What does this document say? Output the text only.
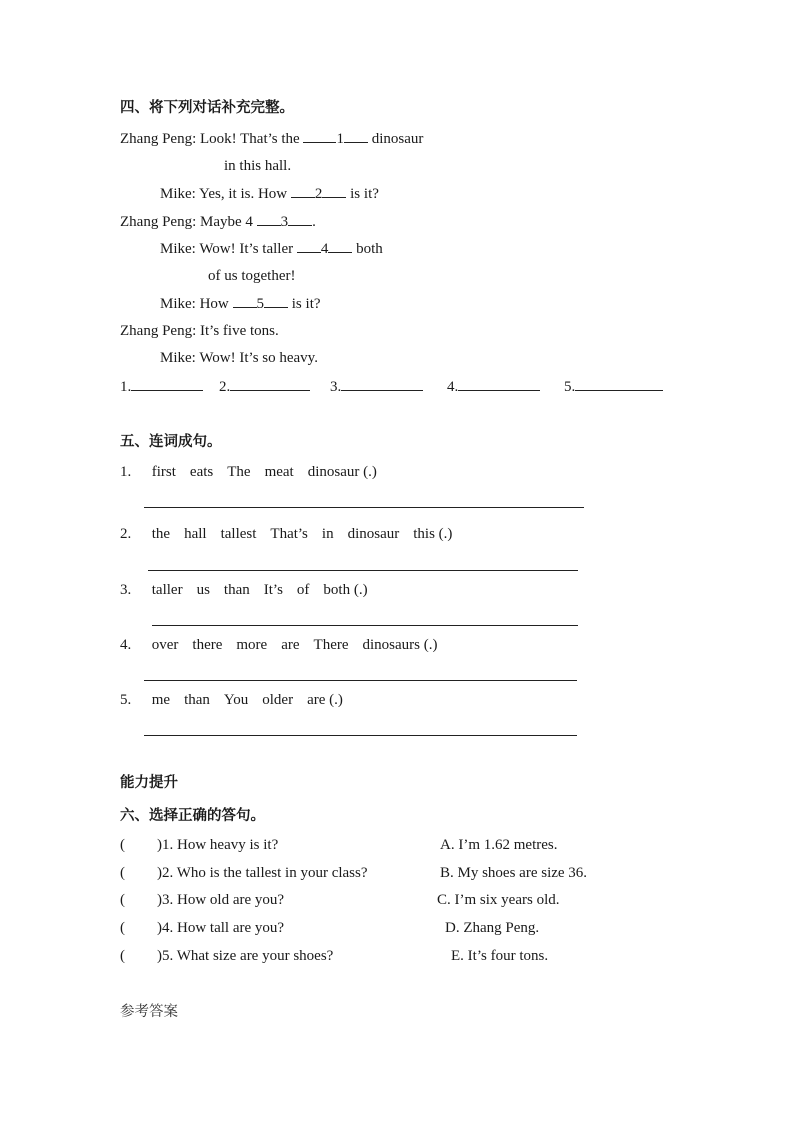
四、将下列对话补充完整。
Zhang Peng: Look! That’s the 1 dinosaur
in this hall.
Mike: Yes, it is. How 2 is it?
Zhang Peng: Maybe 4 3 .
Mike: Wow! It’s taller 4 both
of us together!
Mike: How 5 is it?
Zhang Peng: It’s five tons.
Mike: Wow! It’s so heavy.
1.	2.	3.	4.	5.
五、连词成句。
1. first eats The meat dinosaur (.)
2. the hall tallest That’s in dinosaur this (.)
3. taller us than It’s of both (.)
4. over there more are There dinosaurs (.)
5. me than You older are (.)
能力提升
六、选择正确的答句。
( )1. How heavy is it?	A. I’m 1.62 metres.
( )2. Who is the tallest in your class?	B. My shoes are size 36.
( )3. How old are you?	C. I’m six years old.
( )4. How tall are you?	D. Zhang Peng.
( )5. What size are your shoes?	E. It’s four tons.
参考答案
